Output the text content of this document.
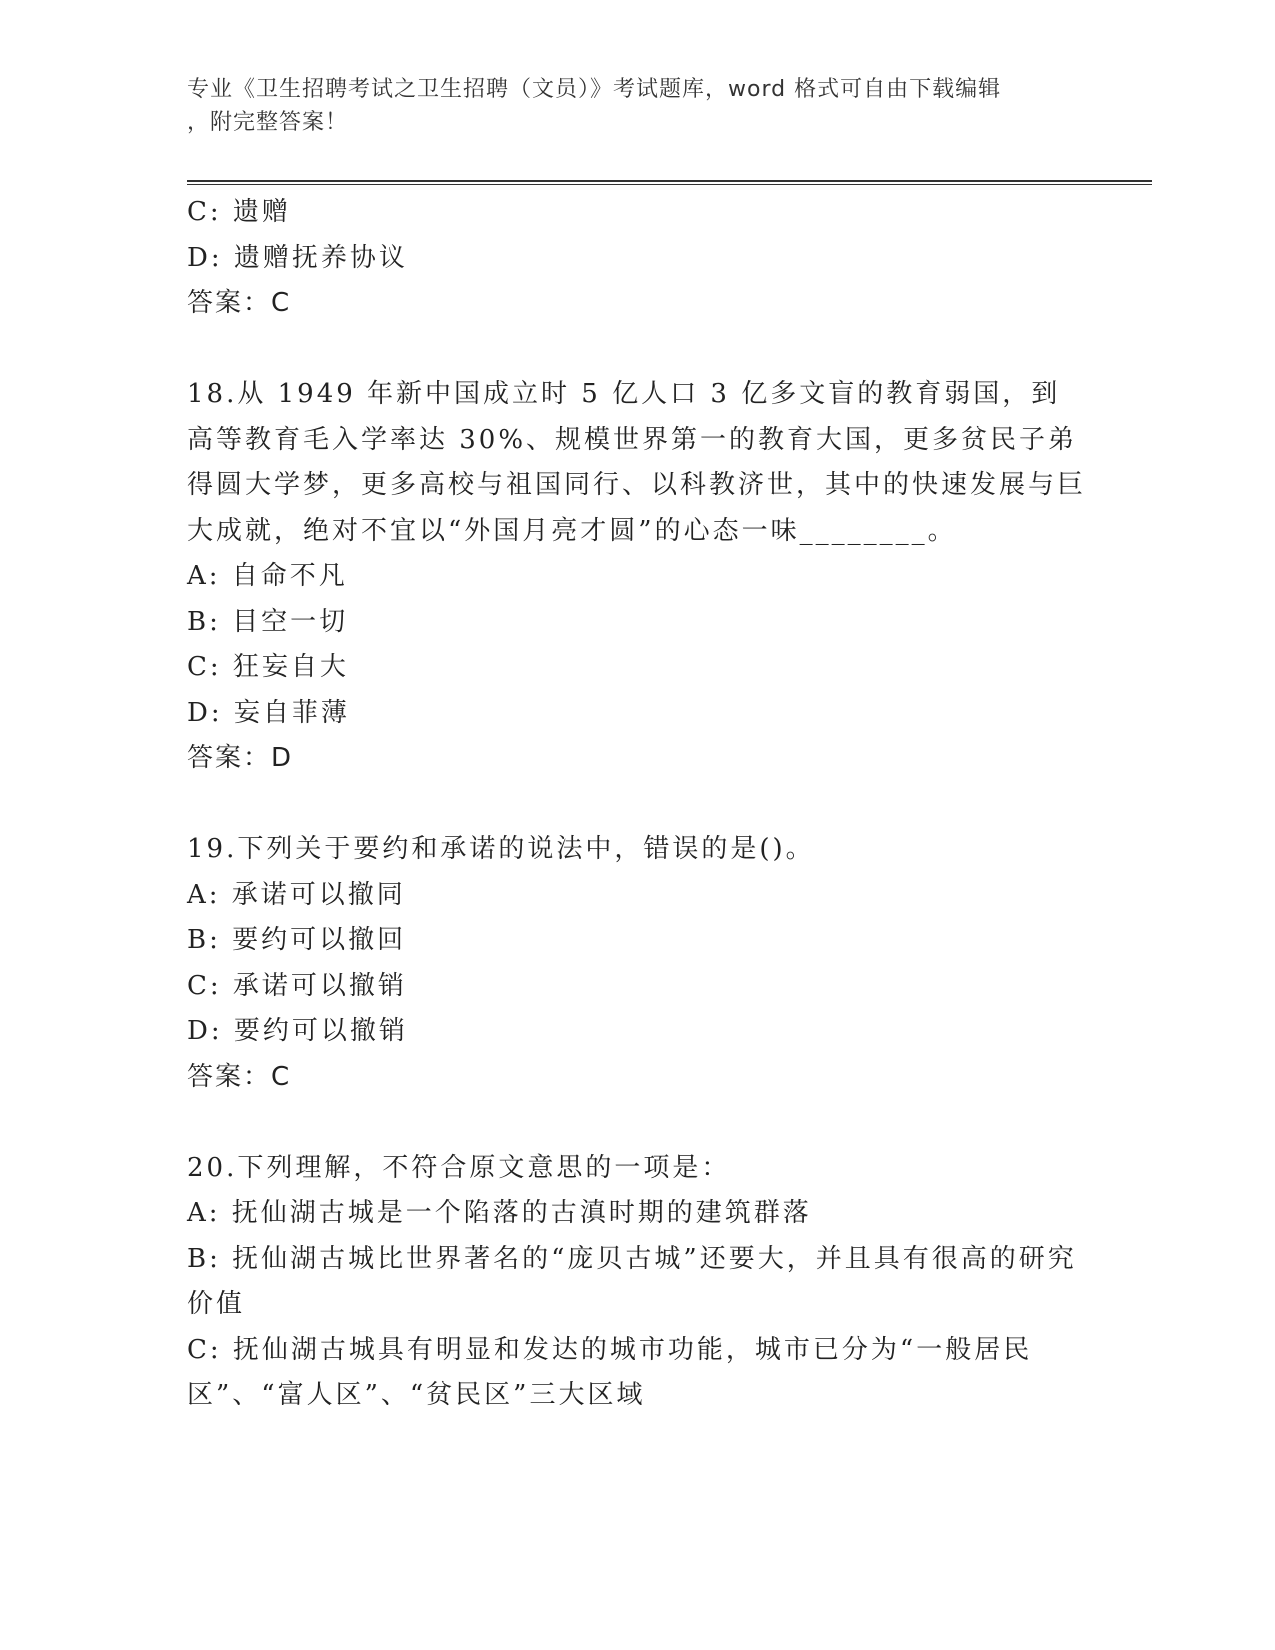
专业《卫生招聘考试之卫生招聘（文员）》考试题库，word 格式可自由下载编辑
，附完整答案！

C: 遗赠

D: 遗赠抚养协议

答案：C

18.从 1949 年新中国成立时 5 亿人口 3 亿多文盲的教育弱国，到高等教育毛入学率达 30%、规模世界第一的教育大国，更多贫民子弟得圆大学梦，更多高校与祖国同行、以科教济世，其中的快速发展与巨大成就，绝对不宜以“外国月亮才圆”的心态一味________。

A: 自命不凡

B: 目空一切

C: 狂妄自大

D: 妄自菲薄

答案：D

19.下列关于要约和承诺的说法中，错误的是()。

A: 承诺可以撤同

B: 要约可以撤回

C: 承诺可以撤销

D: 要约可以撤销

答案：C

20.下列理解，不符合原文意思的一项是：

A: 抚仙湖古城是一个陷落的古滇时期的建筑群落

B: 抚仙湖古城比世界著名的“庞贝古城”还要大，并且具有很高的研究价值

C: 抚仙湖古城具有明显和发达的城市功能，城市已分为“一般居民区”、“富人区”、“贫民区”三大区域
